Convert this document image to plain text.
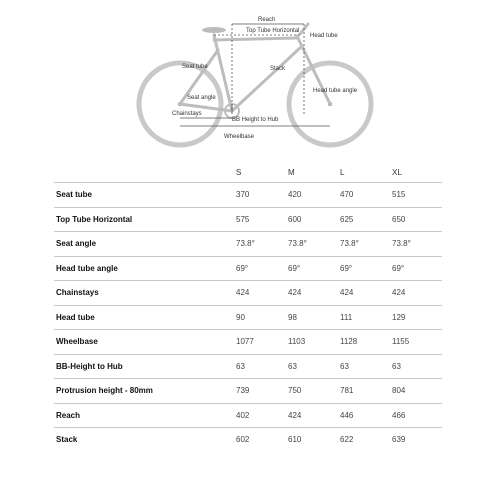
Reach
Top Tube Horizontal
Head tube
Seat tube	Stack
Head tube angle
Seat angle
Chainstays
BB Height to Hub
Wheelbase
	S	M	L	XL
Seat tube	370	420	470	515
Top Tube Horizontal	575	600	625	650
Seat angle	73.8°	73.8°	73.8°	73.8°
Head tube angle	69°	69°	69°	69°
Chainstays	424	424	424	424
Head tube	90	98	111	129
Wheelbase	1077	1103	1128	1155
BB-Height to Hub	63	63	63	63
Protrusion height - 80mm	739	750	781	804
Reach	402	424	446	466
Stack	602	610	622	639
